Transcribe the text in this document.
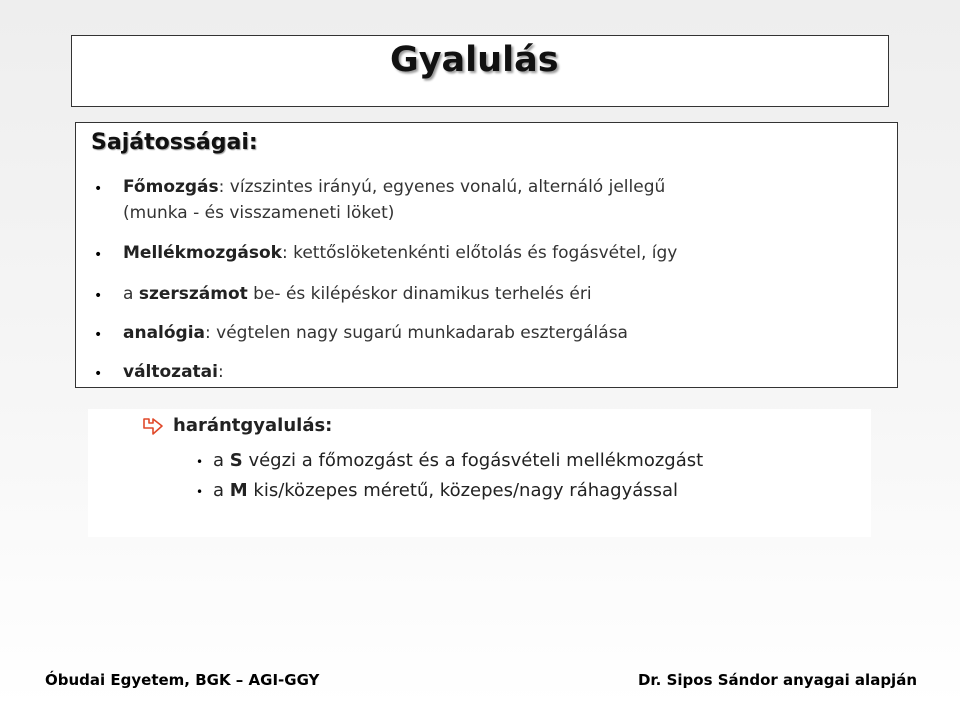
Gyalulás
Sajátosságai:
• Főmozgás: vízszintes irányú, egyenes vonalú, alternáló jellegű
(munka - és visszameneti löket)
• Mellékmozgások: kettőslöketenkénti előtolás és fogásvétel, így
• a szerszámot be- és kilépéskor dinamikus terhelés éri
• analógia: végtelen nagy sugarú munkadarab esztergálása
• változatai:
harántgyalulás:
• a S végzi a főmozgást és a fogásvételi mellékmozgást
• a M kis/közepes méretű, közepes/nagy ráhagyással
Óbudai Egyetem, BGK – AGI-GGY	Dr. Sipos Sándor anyagai alapján
